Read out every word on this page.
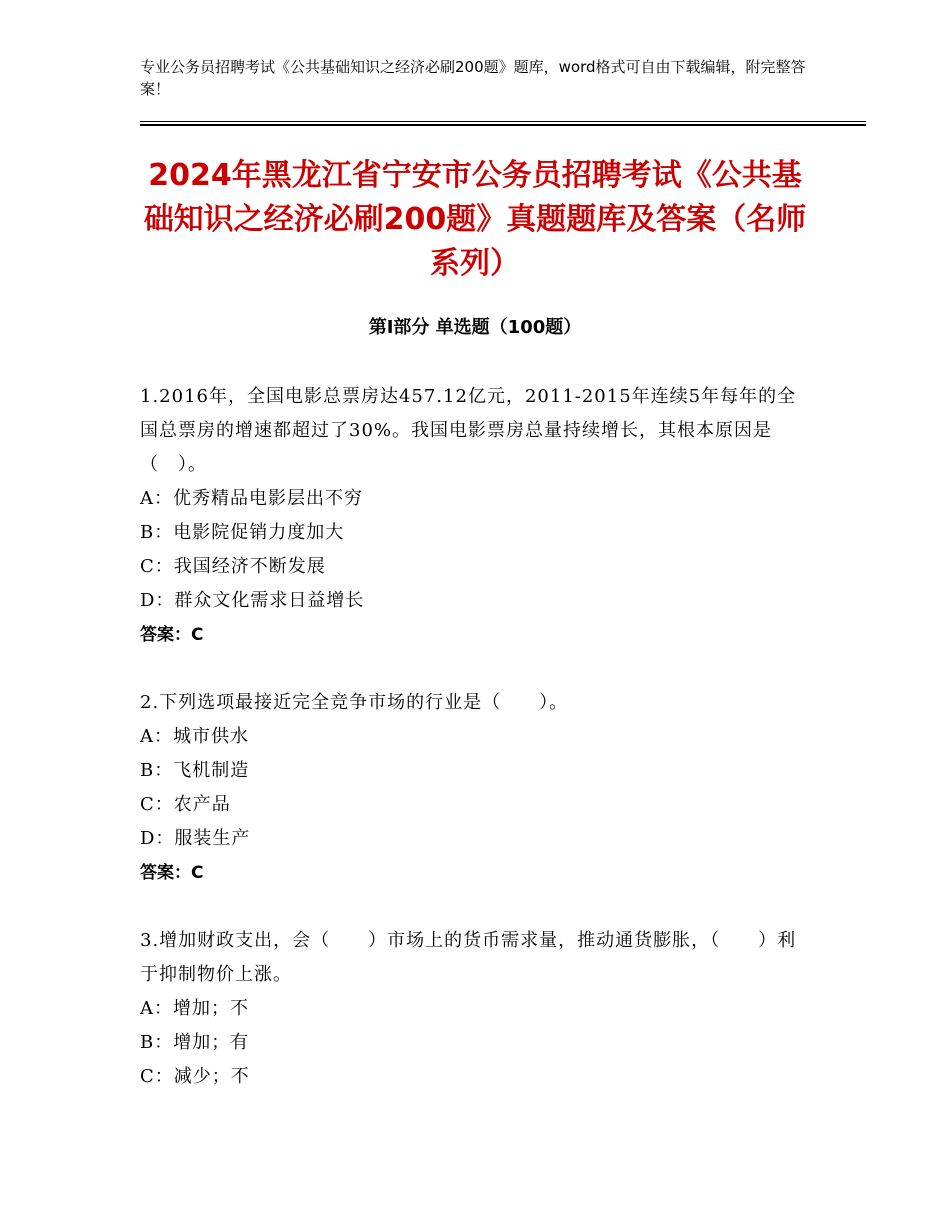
专业公务员招聘考试《公共基础知识之经济必刷200题》题库，word格式可自由下载编辑，附完整答案！
2024年黑龙江省宁安市公务员招聘考试《公共基础知识之经济必刷200题》真题题库及答案（名师系列）
第Ⅰ部分 单选题（100题）
1.2016年，全国电影总票房达457.12亿元，2011-2015年连续5年每年的全国总票房的增速都超过了30%。我国电影票房总量持续增长，其根本原因是（　）。
A：优秀精品电影层出不穷
B：电影院促销力度加大
C：我国经济不断发展
D：群众文化需求日益增长
答案：C
2.下列选项最接近完全竞争市场的行业是（　　）。
A：城市供水
B：飞机制造
C：农产品
D：服装生产
答案：C
3.增加财政支出，会（　　）市场上的货币需求量，推动通货膨胀，（　　）利于抑制物价上涨。
A：增加；不
B：增加；有
C：减少；不
